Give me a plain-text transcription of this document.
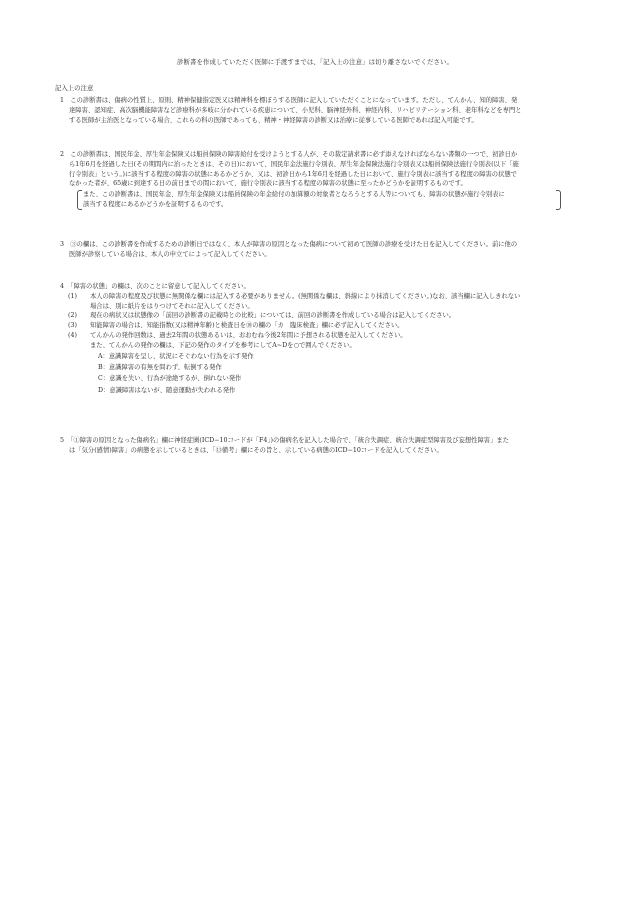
診断書を作成していただく医師に手渡すまでは、「記入上の注意」は切り離さないでください。
記入上の注意
1　この診断書は、傷病の性質上、原則、精神保健指定医又は精神科を標ぼうする医師に記入していただくことになっています。ただし、てんかん、知的障害、発
達障害、認知症、高次脳機能障害など診療科が多岐に分かれている疾患について、小児科、脳神経外科、神経内科、リハビリテーション科、老年科などを専門と
する医師が主治医となっている場合、これらの科の医師であっても、精神・神経障害の診断又は治療に従事している医師であれば記入可能です。
2　この診断書は、国民年金、厚生年金保険又は船員保険の障害給付を受けようとする人が、その裁定請求書に必ず添えなければならない書類の一つで、初診日か
ら1年6月を経過した日(その期間内に治ったときは、その日)において、国民年金法施行令別表、厚生年金保険法施行令別表又は船員保険法施行令別表(以下「施
行令別表」という。)に該当する程度の障害の状態にあるかどうか、又は、初診日から1年6月を経過した日において、施行令別表に該当する程度の障害の状態で
なかった者が、65歳に到達する日の前日までの間において、施行令別表に該当する程度の障害の状態に至ったかどうかを証明するものです。
また、この診断書は、国民年金、厚生年金保険又は船員保険の年金給付の加算額の対象者となろうとする人等についても、障害の状態が施行令別表に
該当する程度にあるかどうかを証明するものです。
3　③の欄は、この診断書を作成するための診断日ではなく、本人が障害の原因となった傷病について初めて医師の診療を受けた日を記入してください。前に他の
医師が診察している場合は、本人の申立てによって記入してください。
4　「障害の状態」の欄は、次のことに留意して記入してください。
(1)	本人の障害の程度及び状態に無関係な欄には記入する必要がありません。(無関係な欄は、斜線により抹消してください。)なお、該当欄に記入しきれない
場合は、別に紙片をはりつけてそれに記入してください。
(2)	現在の病状又は状態像の「前回の診断書の記載時との比較」については、前回の診断書を作成している場合は記入してください。
(3)	知能障害の場合は、知能指数(又は精神年齢)と検査日を⑩の欄の「カ　臨床検査」欄に必ず記入してください。
(4)	てんかんの発作回数は、過去2年間の状態あるいは、おおむね今後2年間に予想される状態を記入してください。
また、てんかんの発作の欄は、下記の発作のタイプを参考にしてA~Dを○で囲んでください。
A：意識障害を呈し、状況にそぐわない行為を示す発作
B：意識障害の有無を問わず、転倒する発作
C：意識を失い、行為が途絶するが、倒れない発作
D：意識障害はないが、随意運動が失われる発作
5　「①障害の原因となった傷病名」欄に神経症圏(ICD−10コードが「F4」)の傷病名を記入した場合で、「統合失調症、統合失調症型障害及び妄想性障害」また
は「気分(感情)障害」の病態を示しているときは、「⑬備考」欄にその旨と、示している病態のICD−10コードを記入してください。
